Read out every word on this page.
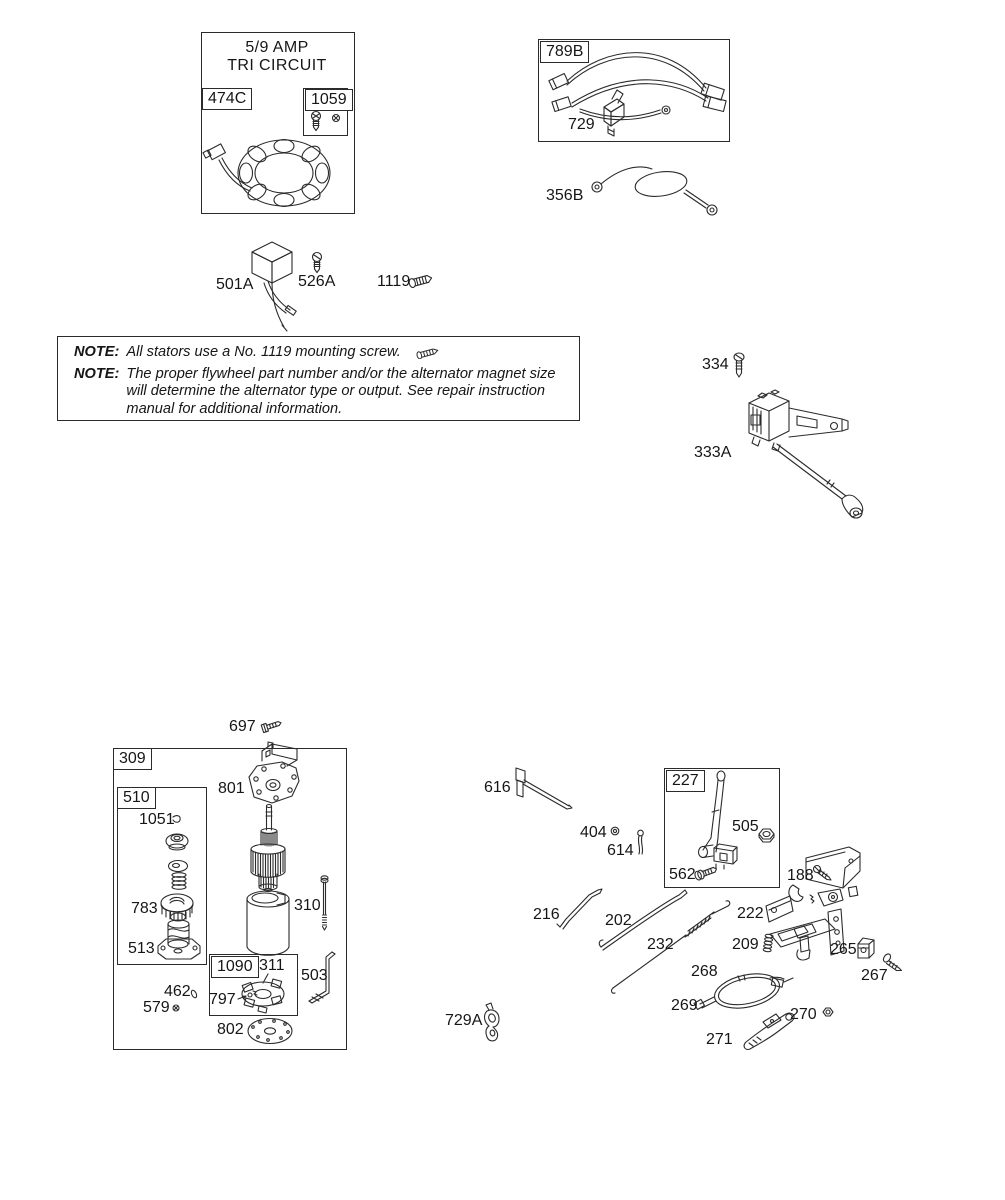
474C	1059
789B
309
510
1090
227
5/9 AMP
TRI CIRCUIT
729
356B
501A	526A	1119
334
333A
697
801
1051
783
513
310
503
311
797
462
579
802
616
404
614
505
562	188
216	202
232
222
209	265
267
268
269
270
271
729A
NOTE: All stators use a No. 1119 mounting screw.
NOTE: The proper flywheel part number and/or the alternator magnet size will determine the alternator type or output. See repair instruction manual for additional information.
